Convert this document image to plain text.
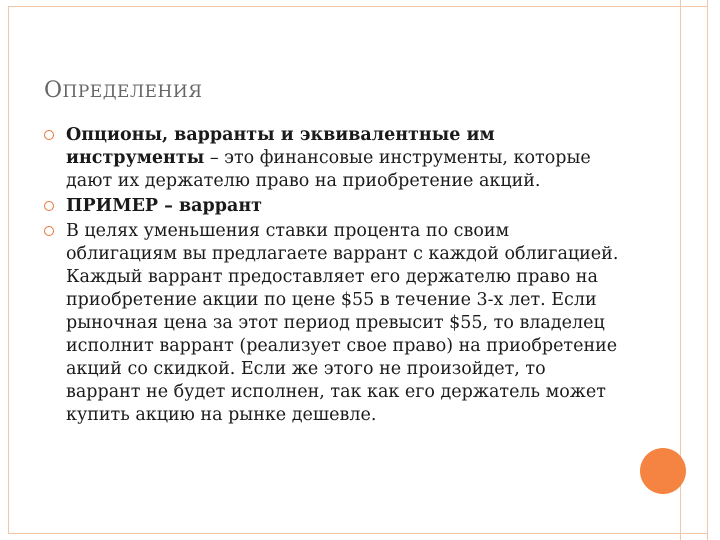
ОПРЕДЕЛЕНИЯ
Опционы, варранты и эквивалентные им инструменты – это финансовые инструменты, которые дают их держателю право на приобретение акций.
ПРИМЕР – варрант
В целях уменьшения ставки процента по своим облигациям вы предлагаете варрант с каждой облигацией. Каждый варрант предоставляет его держателю право на приобретение акции по цене $55 в течение 3-х лет. Если рыночная цена за этот период превысит $55, то владелец исполнит варрант (реализует свое право) на приобретение акций со скидкой. Если же этого не произойдет, то варрант не будет исполнен, так как его держатель может купить акцию на рынке дешевле.
